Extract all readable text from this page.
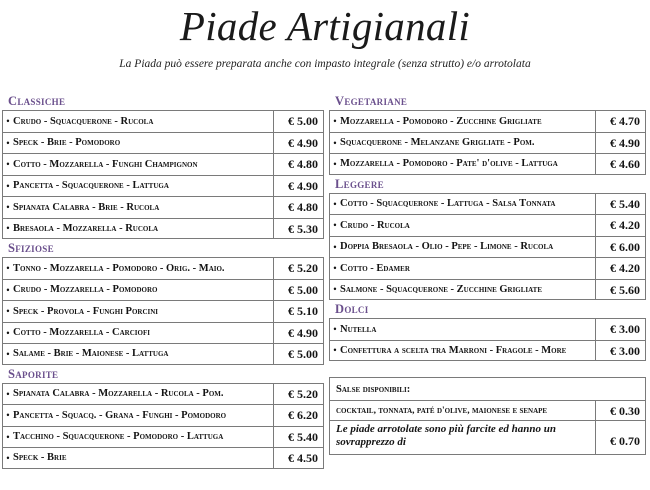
Piade Artigianali
La Piada può essere preparata anche con impasto integrale (senza strutto) e/o arrotolata
Classiche
• Crudo - Squacquerone - Rucola	€ 5.00
• Speck - Brie - Pomodoro	€ 4.90
• Cotto - Mozzarella - Funghi Champignon	€ 4.80
• Pancetta - Squacquerone - Lattuga	€ 4.90
• Spianata Calabra - Brie - Rucola	€ 4.80
• Bresaola - Mozzarella - Rucola	€ 5.30
Sfiziose
• Tonno - Mozzarella - Pomodoro - Orig. - Maio.	€ 5.20
• Crudo - Mozzarella - Pomodoro	€ 5.00
• Speck - Provola - Funghi Porcini	€ 5.10
• Cotto - Mozzarella - Carciofi	€ 4.90
• Salame - Brie - Maionese - Lattuga	€ 5.00
Saporite
• Spianata Calabra - Mozzarella - Rucola - Pom.	€ 5.20
• Pancetta - Squacq. - Grana - Funghi - Pomodoro	€ 6.20
• Tacchino - Squacquerone - Pomodoro - Lattuga	€ 5.40
• Speck - Brie	€ 4.50
Vegetariane
• Mozzarella - Pomodoro - Zucchine Grigliate	€ 4.70
• Squacquerone - Melanzane Grigliate - Pom.	€ 4.90
• Mozzarella - Pomodoro - Pate' d'olive - Lattuga	€ 4.60
Leggere
• Cotto - Squacquerone - Lattuga - Salsa Tonnata	€ 5.40
• Crudo - Rucola	€ 4.20
• Doppia Bresaola - Olio - Pepe - Limone - Rucola	€ 6.00
• Cotto - Edamer	€ 4.20
• Salmone - Squacquerone - Zucchine Grigliate	€ 5.60
Dolci
• Nutella	€ 3.00
• Confettura a scelta tra Marroni - Fragole - More	€ 3.00
Salse disponibili:
cocktail, tonnata, paté d'olive, maionese e senape	€ 0.30
Le piade arrotolate sono più farcite ed hanno un sovrapprezzo di	€ 0.70
